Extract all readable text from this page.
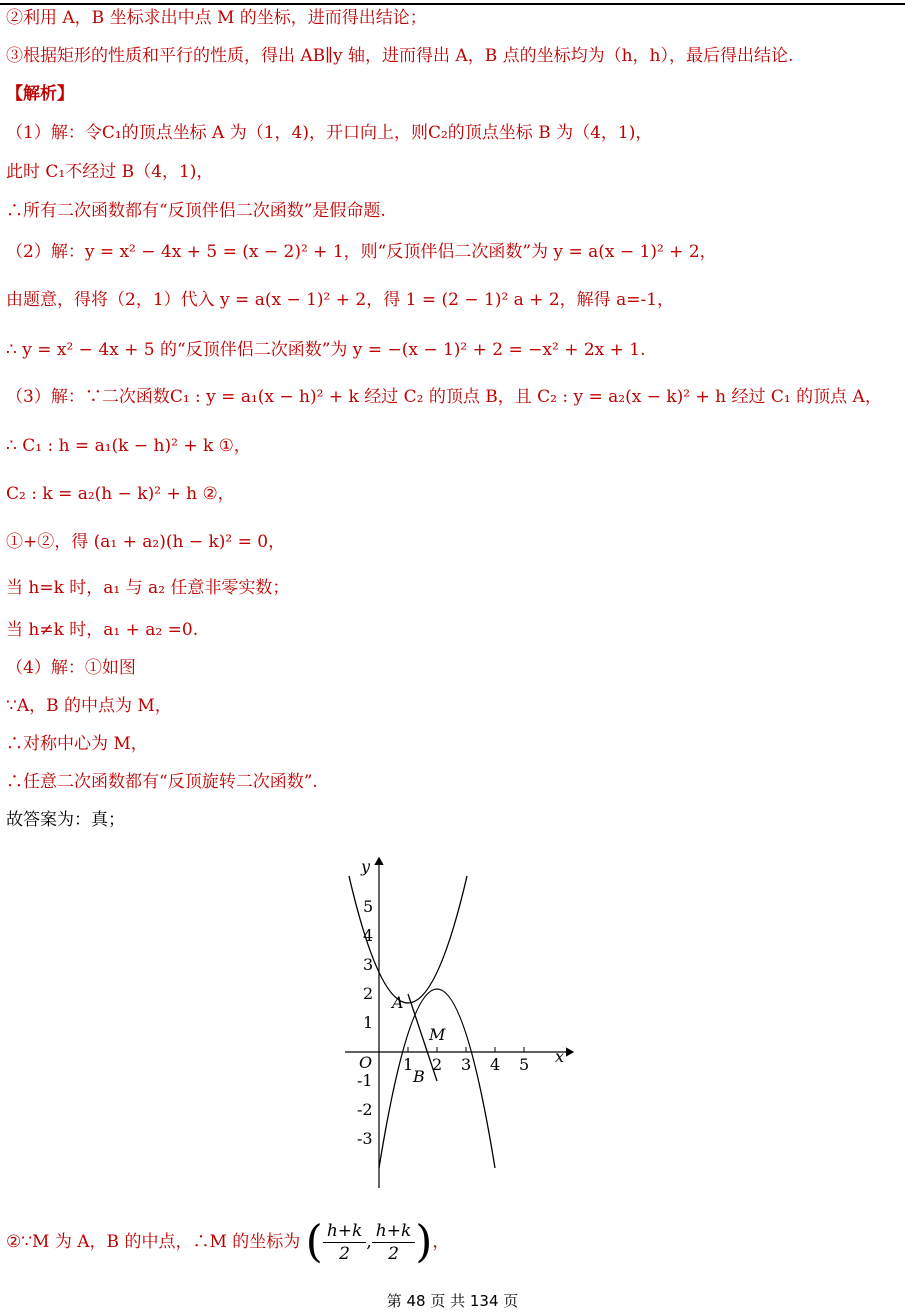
②利用 A，B 坐标求出中点 M 的坐标，进而得出结论；
③根据矩形的性质和平行的性质，得出 AB∥y 轴，进而得出 A，B 点的坐标均为（h，h），最后得出结论.
【解析】
（1）解：令C₁的顶点坐标 A 为（1，4)，开口向上，则C₂的顶点坐标 B 为（4，1)，
此时 C₁不经过 B（4，1)，
∴所有二次函数都有“反顶伴侣二次函数”是假命题.
（2）解：y = x² − 4x + 5 = (x − 2)² + 1，则“反顶伴侣二次函数”为 y = a(x − 1)² + 2，
由题意，得将（2，1）代入 y = a(x − 1)² + 2，得 1 = (2 − 1)² a + 2，解得 a=-1，
∴ y = x² − 4x + 5 的“反顶伴侣二次函数”为 y = −(x − 1)² + 2 = −x² + 2x + 1.
（3）解：∵二次函数C₁ : y = a₁(x − h)² + k 经过 C₂ 的顶点 B，且 C₂ : y = a₂(x − k)² + h 经过 C₁ 的顶点 A，
∴ C₁ : h = a₁(k − h)² + k ①，
C₂ : k = a₂(h − k)² + h ②，
①+②，得 (a₁ + a₂)(h − k)² = 0，
当 h=k 时，a₁ 与 a₂ 任意非零实数；
当 h≠k 时，a₁ + a₂ =0.
（4）解：①如图
∵A，B 的中点为 M，
∴对称中心为 M，
∴任意二次函数都有“反顶旋转二次函数”.
故答案为：真；
x
y
O 1 2 3 4 5
1
2
3
4
5
-1
-2
-3
A
M
B
②∵M 为 A，B 的中点，∴M 的坐标为 ( $\frac{h+k}{2}$ , $\frac{h+k}{2}$ )，
第 48 页 共 134 页
